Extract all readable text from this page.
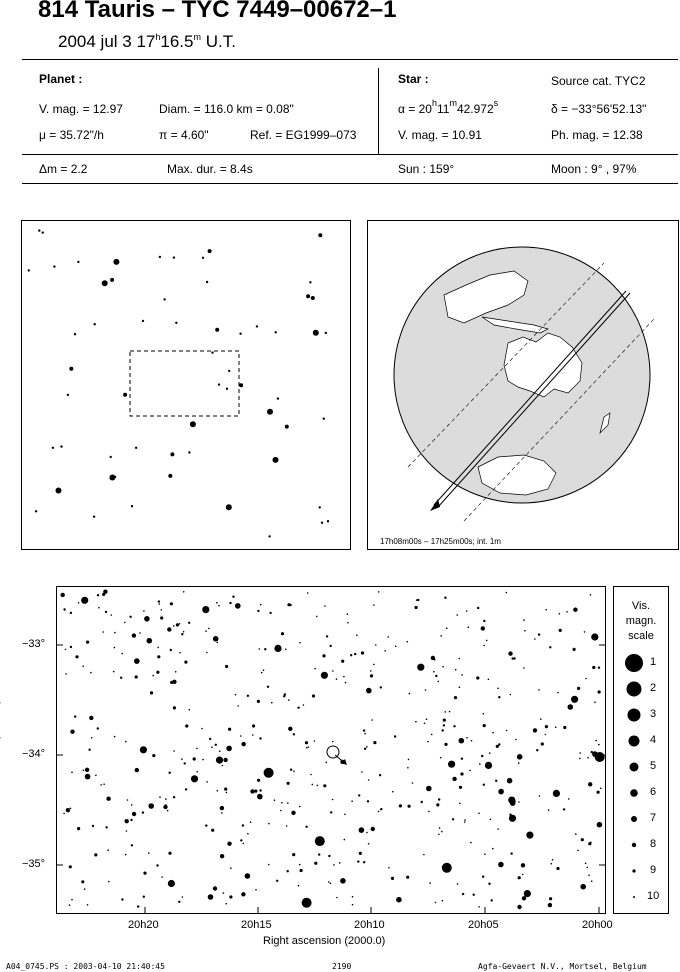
814 Tauris – TYC 7449–00672–1
2004 jul 3 17$^h$16.5$^m$ U.T.
Planet :
V. mag. = 12.97	Diam. = 116.0 km = 0.08"
μ = 35.72"/h	π = 4.60"	Ref. = EG1999–073
Δm = 2.2	Max. dur. = 8.4s
Star :	Source cat. TYC2
$\alpha = 20^h11^m42.972^s$	δ = −33°56'52.13"
V. mag. = 10.91	Ph. mag. = 12.38
Sun : 159°	Moon : 9° , 97%
17h08m00s – 17h25m00s; int. 1m
−33°
−34°
−35°
20h20	20h15	20h10	20h05	20h00
Right ascension (2000.0)
Vis.
magn.
scale
1
2
3
4
5
6
7
8
9
10
A04_0745.PS : 2003-04-10 21:40:45	2190	Agfa-Gevaert N.V., Mortsel, Belgium
